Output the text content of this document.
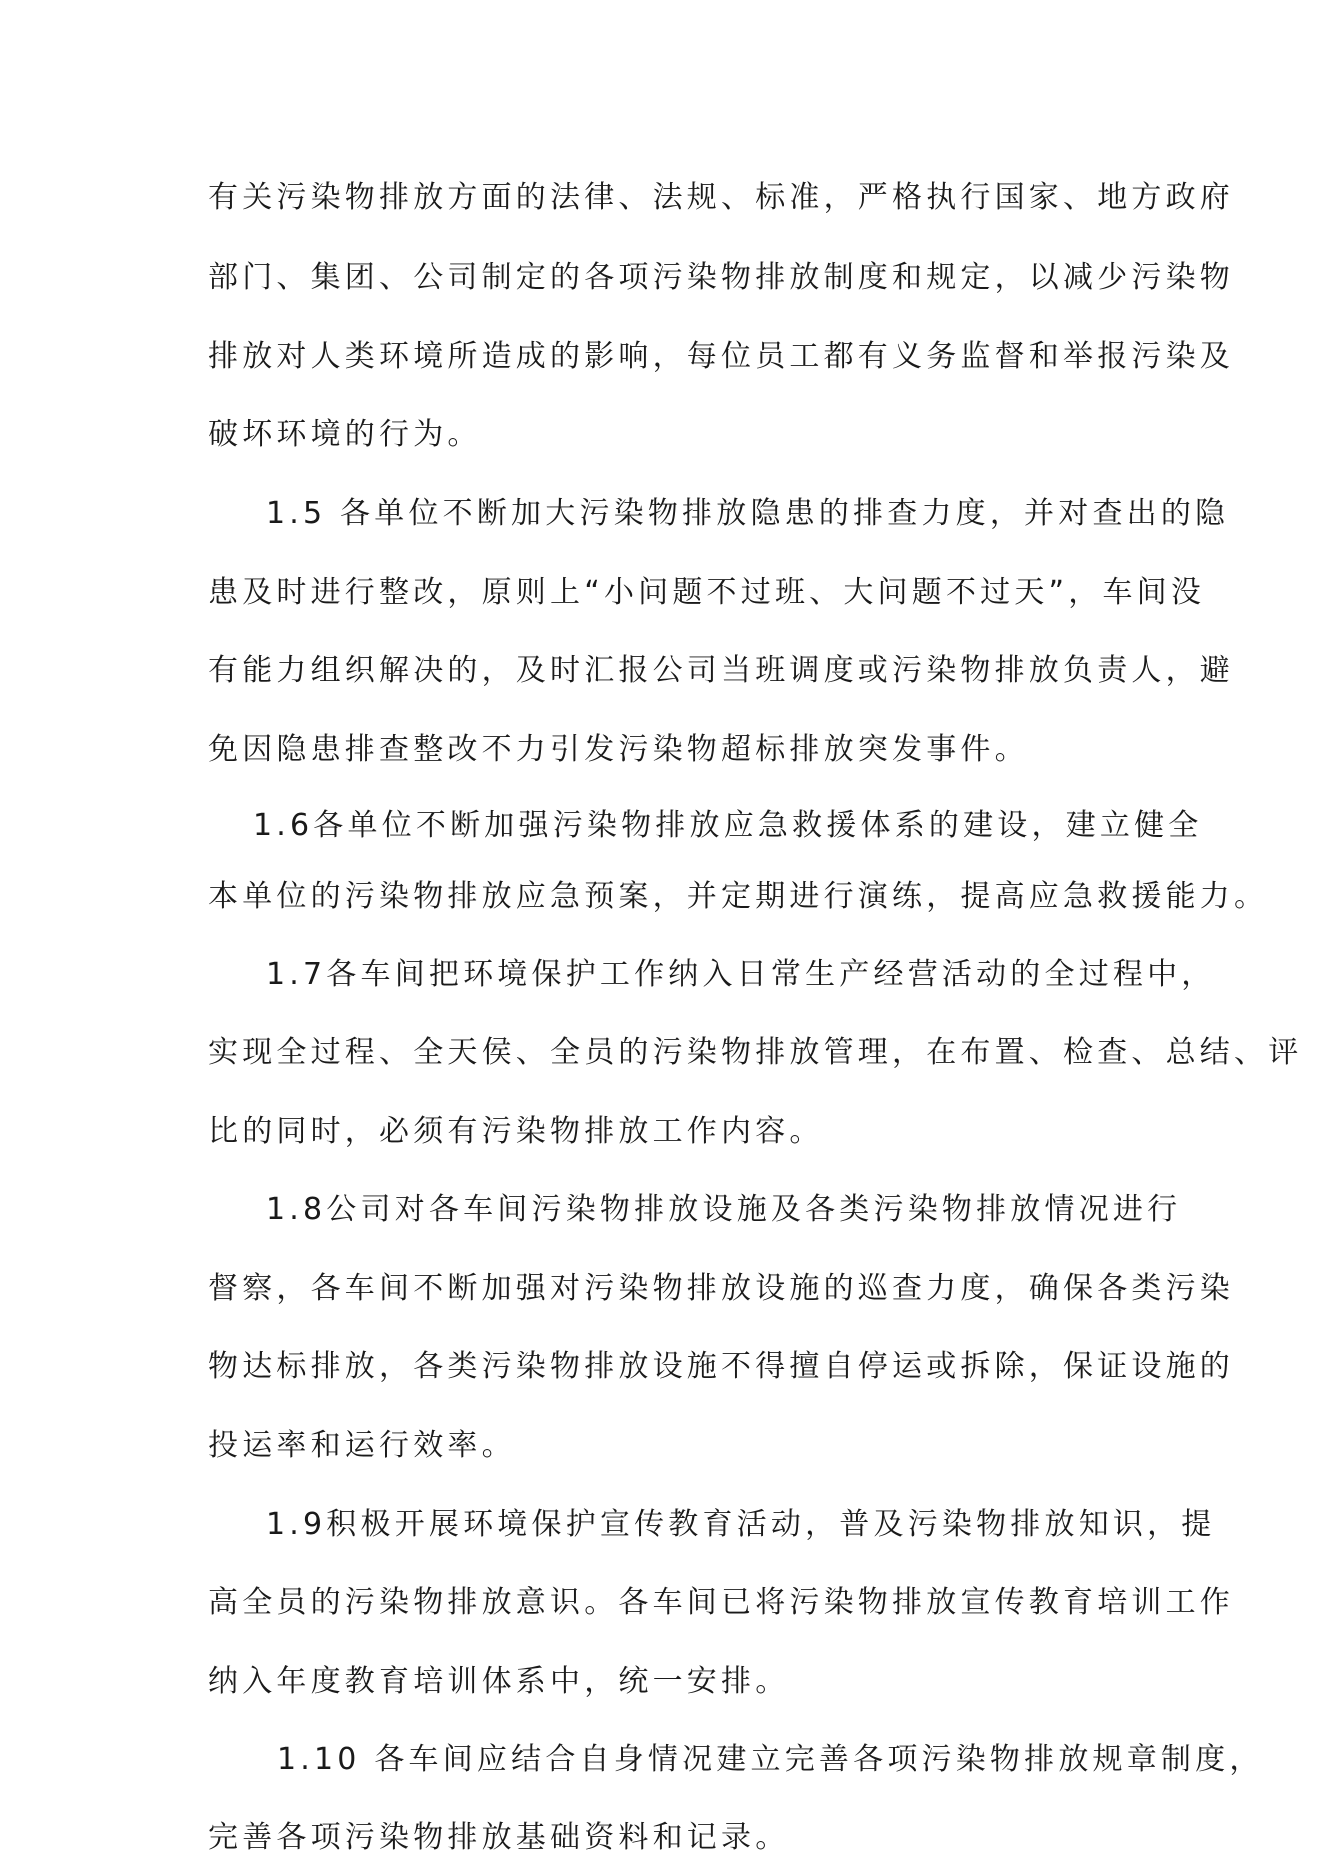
有关污染物排放方面的法律、法规、标准，严格执行国家、地方政府
部门、集团、公司制定的各项污染物排放制度和规定，以减少污染物
排放对人类环境所造成的影响，每位员工都有义务监督和举报污染及
破坏环境的行为。
1.5 各单位不断加大污染物排放隐患的排查力度，并对查出的隐
患及时进行整改，原则上“小问题不过班、大问题不过天”，车间没
有能力组织解决的，及时汇报公司当班调度或污染物排放负责人，避
免因隐患排查整改不力引发污染物超标排放突发事件。
1.6各单位不断加强污染物排放应急救援体系的建设，建立健全
本单位的污染物排放应急预案，并定期进行演练，提高应急救援能力。
1.7各车间把环境保护工作纳入日常生产经营活动的全过程中，
实现全过程、全天侯、全员的污染物排放管理，在布置、检查、总结、评
比的同时，必须有污染物排放工作内容。
1.8公司对各车间污染物排放设施及各类污染物排放情况进行
督察，各车间不断加强对污染物排放设施的巡查力度，确保各类污染
物达标排放，各类污染物排放设施不得擅自停运或拆除，保证设施的
投运率和运行效率。
1.9积极开展环境保护宣传教育活动，普及污染物排放知识，提
高全员的污染物排放意识。各车间已将污染物排放宣传教育培训工作
纳入年度教育培训体系中，统一安排。
1.10 各车间应结合自身情况建立完善各项污染物排放规章制度，
完善各项污染物排放基础资料和记录。
